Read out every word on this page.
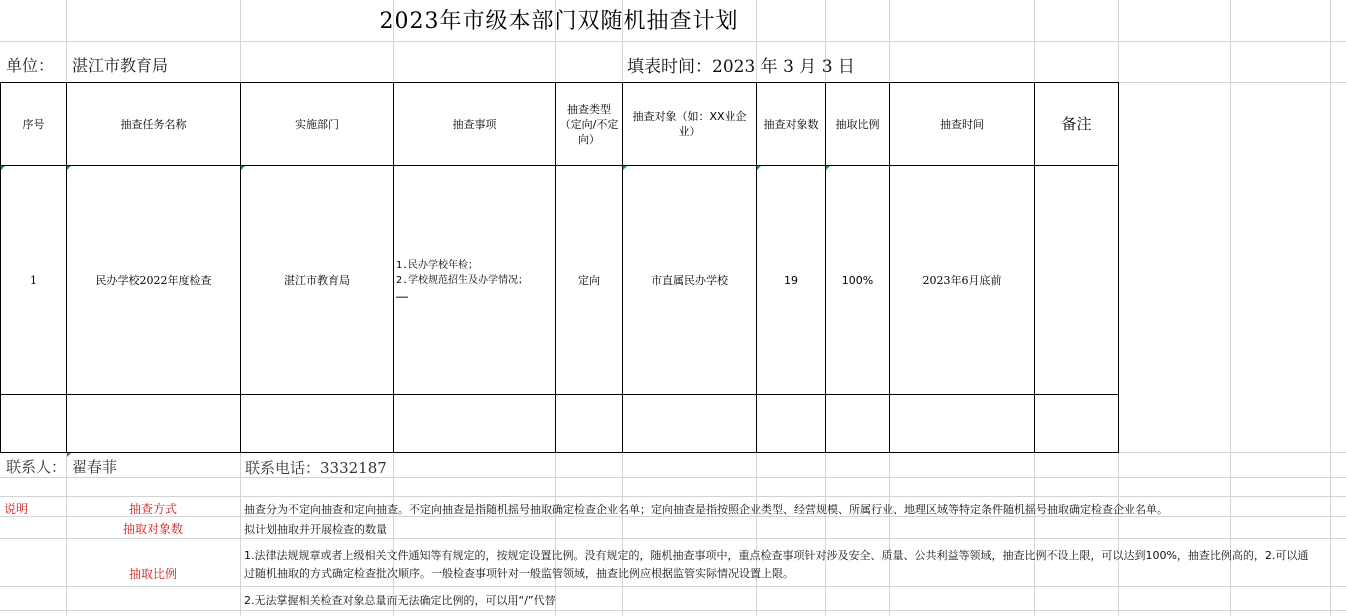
2023年市级本部门双随机抽查计划
单位： 湛江市教育局	填表时间：2023 年 3 月 3 日
序号	抽查任务名称	实施部门	抽查事项	抽查类型（定向/不定向）	抽查对象（如：XX业企业）	抽查对象数	抽取比例	抽查时间	备注
1	民办学校2022年度检查	湛江市教育局	1.民办学校年检；
2.学校规范招生及办学情况；
……	定向	市直属民办学校	19	100%	2023年6月底前	

联系人： 翟春菲	联系电话：3332187
说明	抽查方式	抽查分为不定向抽查和定向抽查。不定向抽查是指随机摇号抽取确定检查企业名单；定向抽查是指按照企业类型、经营规模、所属行业、地理区域等特定条件随机摇号抽取确定检查企业名单。
抽取对象数	拟计划抽取并开展检查的数量
抽取比例
1.法律法规规章或者上级相关文件通知等有规定的，按规定设置比例。没有规定的，随机抽查事项中，重点检查事项针对涉及安全、质量、公共利益等领域，抽查比例不设上限，可以达到100%，抽查比例高的，2.可以通过随机抽取的方式确定检查批次顺序。一般检查事项针对一般监管领域，抽查比例应根据监管实际情况设置上限。
2.无法掌握相关检查对象总量而无法确定比例的，可以用“/”代替
